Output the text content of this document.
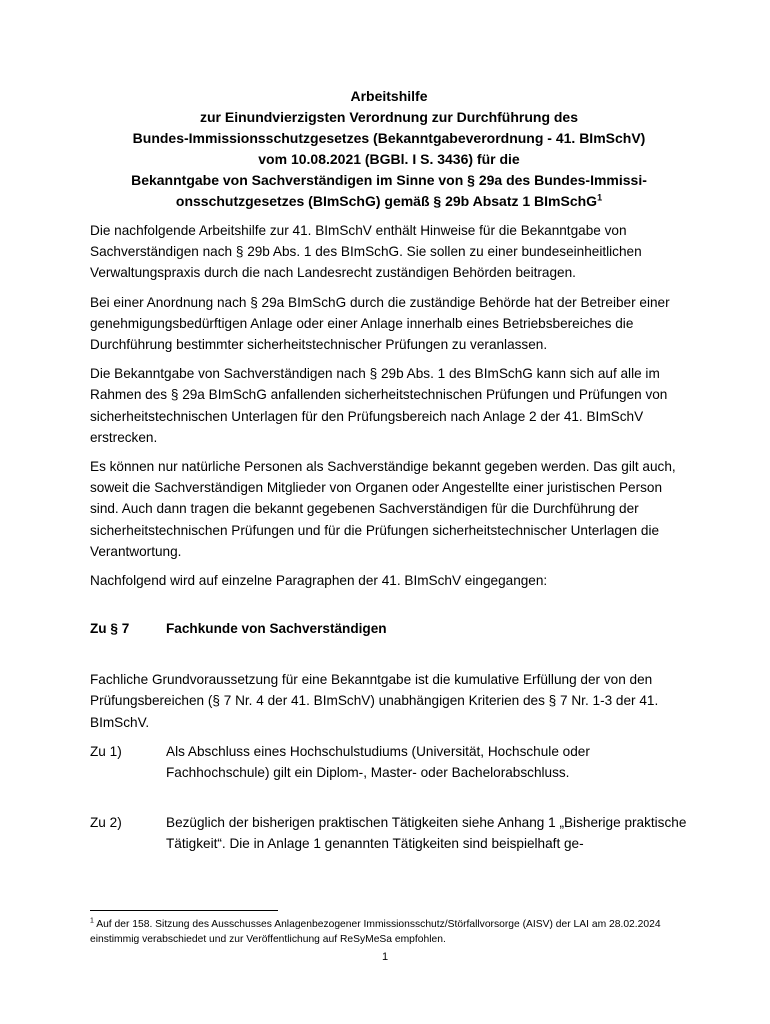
Arbeitshilfe
zur Einundvierzigsten Verordnung zur Durchführung des
Bundes-Immissionsschutzgesetzes (Bekanntgabeverordnung - 41. BImSchV)
vom 10.08.2021 (BGBl. I S. 3436) für die
Bekanntgabe von Sachverständigen im Sinne von § 29a des Bundes-Immissi-
onsschutzgesetzes (BImSchG) gemäß § 29b Absatz 1 BImSchG$^1$

Die nachfolgende Arbeitshilfe zur 41. BImSchV enthält Hinweise für die Bekanntgabe von Sachverständigen nach § 29b Abs. 1 des BImSchG. Sie sollen zu einer bundeseinheitlichen Verwaltungspraxis durch die nach Landesrecht zuständigen Behörden beitragen.

Bei einer Anordnung nach § 29a BImSchG durch die zuständige Behörde hat der Betreiber einer genehmigungsbedürftigen Anlage oder einer Anlage innerhalb eines Betriebsbereiches die Durchführung bestimmter sicherheitstechnischer Prüfungen zu veranlassen.

Die Bekanntgabe von Sachverständigen nach § 29b Abs. 1 des BImSchG kann sich auf alle im Rahmen des § 29a BImSchG anfallenden sicherheitstechnischen Prüfungen und Prüfungen von sicherheitstechnischen Unterlagen für den Prüfungsbereich nach Anlage 2 der 41. BImSchV erstrecken.

Es können nur natürliche Personen als Sachverständige bekannt gegeben werden. Das gilt auch, soweit die Sachverständigen Mitglieder von Organen oder Angestellte einer juristischen Person sind. Auch dann tragen die bekannt gegebenen Sachverständigen für die Durchführung der sicherheitstechnischen Prüfungen und für die Prüfungen sicherheitstechnischer Unterlagen die Verantwortung.

Nachfolgend wird auf einzelne Paragraphen der 41. BImSchV eingegangen:

Zu § 7	Fachkunde von Sachverständigen

Fachliche Grundvoraussetzung für eine Bekanntgabe ist die kumulative Erfüllung der von den Prüfungsbereichen (§ 7 Nr. 4 der 41. BImSchV) unabhängigen Kriterien des § 7 Nr. 1-3 der 41. BImSchV.

Zu 1)	Als Abschluss eines Hochschulstudiums (Universität, Hochschule oder Fachhochschule) gilt ein Diplom-, Master- oder Bachelorabschluss.
Zu 2)	Bezüglich der bisherigen praktischen Tätigkeiten siehe Anhang 1 „Bisherige praktische Tätigkeit“. Die in Anlage 1 genannten Tätigkeiten sind beispielhaft ge-
$^1$ Auf der 158. Sitzung des Ausschusses Anlagenbezogener Immissionsschutz/Störfallvorsorge (AISV) der LAI am 28.02.2024 einstimmig verabschiedet und zur Veröffentlichung auf ReSyMeSa empfohlen.
1
